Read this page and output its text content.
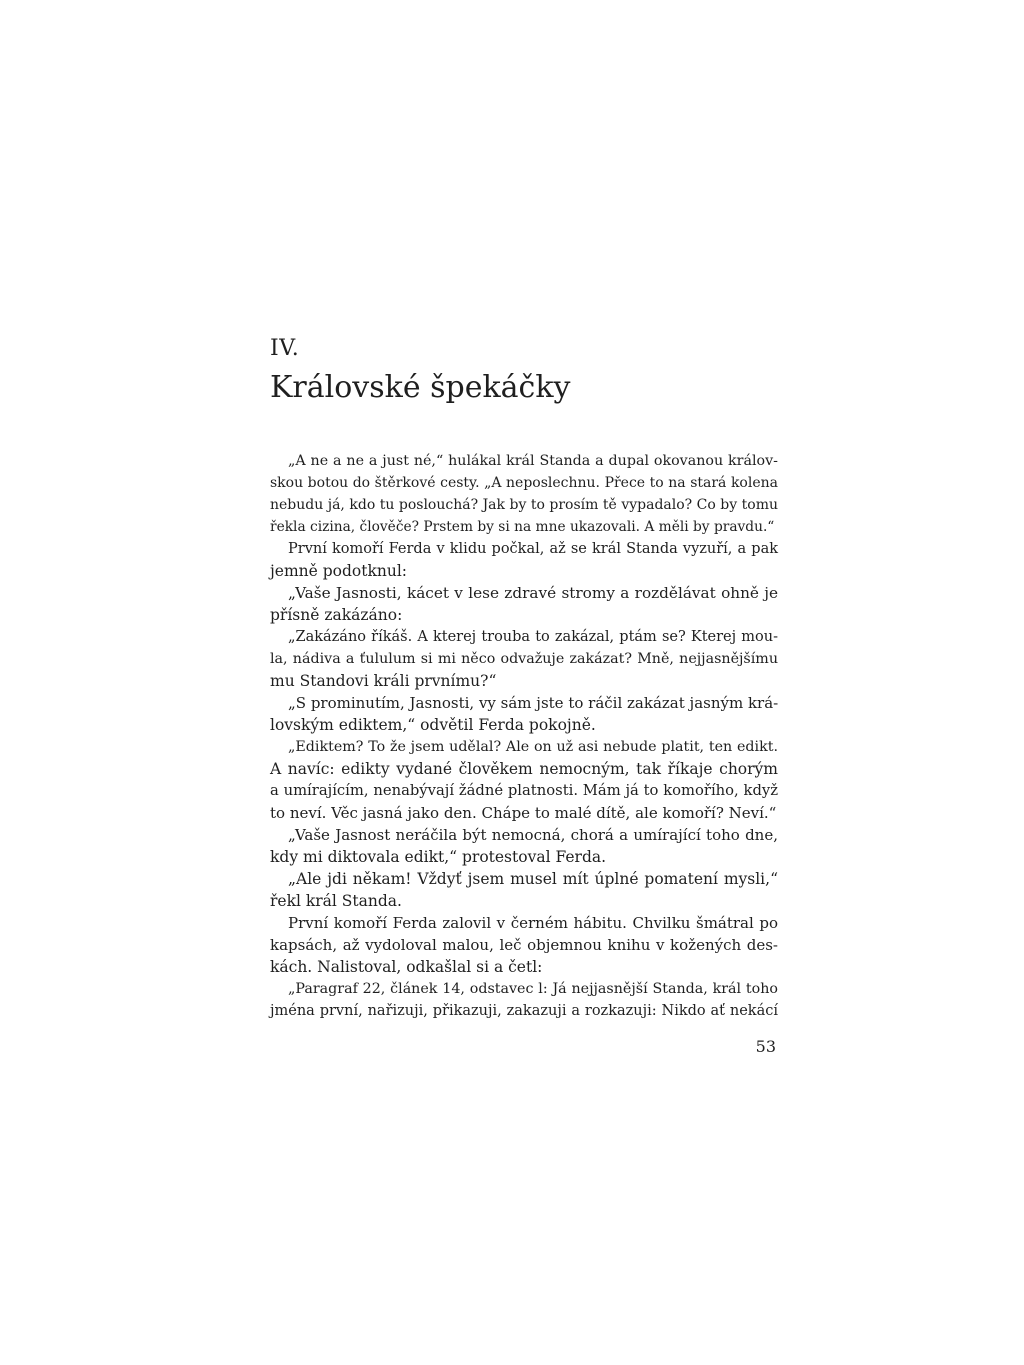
IV.
Královské špekáčky
„A ne a ne a just né,“ hulákal král Standa a dupal okovanou králov-
skou botou do štěrkové cesty. „A neposlechnu. Přece to na stará kolena
nebudu já, kdo tu poslouchá? Jak by to prosím tě vypadalo? Co by tomu
řekla cizina, člověče? Prstem by si na mne ukazovali. A měli by pravdu.“
První komoří Ferda v klidu počkal, až se král Standa vyzuří, a pak
jemně podotknul:
„Vaše Jasnosti, kácet v lese zdravé stromy a rozdělávat ohně je
přísně zakázáno:
„Zakázáno říkáš. A kterej trouba to zakázal, ptám se? Kterej mou-
la, nádiva a ťululum si mi něco odvažuje zakázat? Mně, nejjasnějšímu
mu Standovi králi prvnímu?“
„S prominutím, Jasnosti, vy sám jste to ráčil zakázat jasným krá-
lovským ediktem,“ odvětil Ferda pokojně.
„Ediktem? To že jsem udělal? Ale on už asi nebude platit, ten edikt.
A navíc: edikty vydané člověkem nemocným, tak říkaje chorým
a umírajícím, nenabývají žádné platnosti. Mám já to komořího, když
to neví. Věc jasná jako den. Chápe to malé dítě, ale komoří? Neví.“
„Vaše Jasnost neráčila být nemocná, chorá a umírající toho dne,
kdy mi diktovala edikt,“ protestoval Ferda.
„Ale jdi někam! Vždyť jsem musel mít úplné pomatení mysli,“
řekl král Standa.
První komoří Ferda zalovil v černém hábitu. Chvilku šmátral po
kapsách, až vydoloval malou, leč objemnou knihu v kožených des-
kách. Nalistoval, odkašlal si a četl:
„Paragraf 22, článek 14, odstavec l: Já nejjasnější Standa, král toho
jména první, nařizuji, přikazuji, zakazuji a rozkazuji: Nikdo ať nekácí
53
